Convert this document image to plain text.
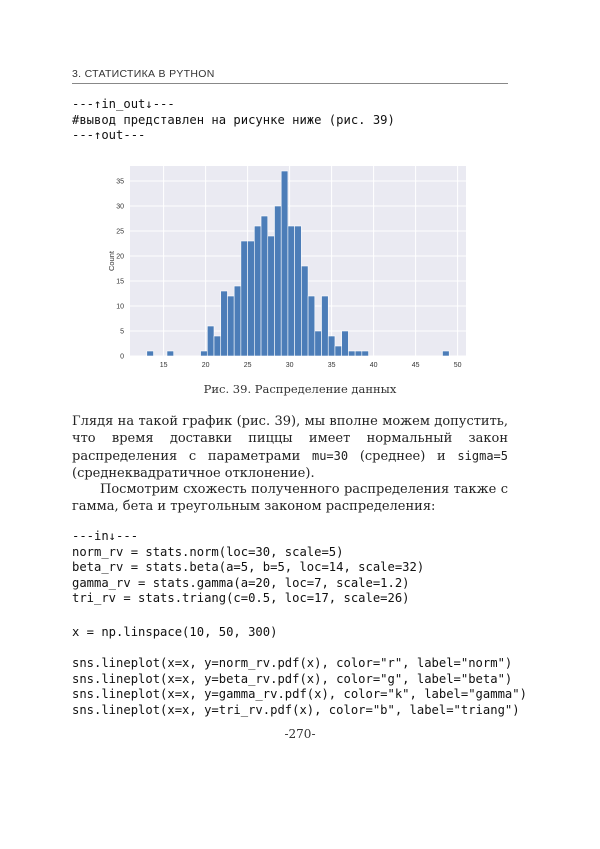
3. СТАТИСТИКА В PYTHON
---↑in_out↓---
#вывод представлен на рисунке ниже (рис. 39)
---↑out---
0
5
10
15
20
25
30
35
15	20	25	30	35	40	45	50
Count
Рис. 39. Распределение данных
Глядя на такой график (рис. 39), мы вполне можем допустить, что время доставки пиццы имеет нормальный закон распределения с параметрами mu=30 (среднее) и sigma=5 (среднеквадратичное отклонение).
Посмотрим схожесть полученного распределения также с гамма, бета и треугольным законом распределения:
---in↓---
norm_rv = stats.norm(loc=30, scale=5)
beta_rv = stats.beta(a=5, b=5, loc=14, scale=32)
gamma_rv = stats.gamma(a=20, loc=7, scale=1.2)
tri_rv = stats.triang(c=0.5, loc=17, scale=26)
x = np.linspace(10, 50, 300)
sns.lineplot(x=x, y=norm_rv.pdf(x), color="r", label="norm")
sns.lineplot(x=x, y=beta_rv.pdf(x), color="g", label="beta")
sns.lineplot(x=x, y=gamma_rv.pdf(x), color="k", label="gamma")
sns.lineplot(x=x, y=tri_rv.pdf(x), color="b", label="triang")
-270-
